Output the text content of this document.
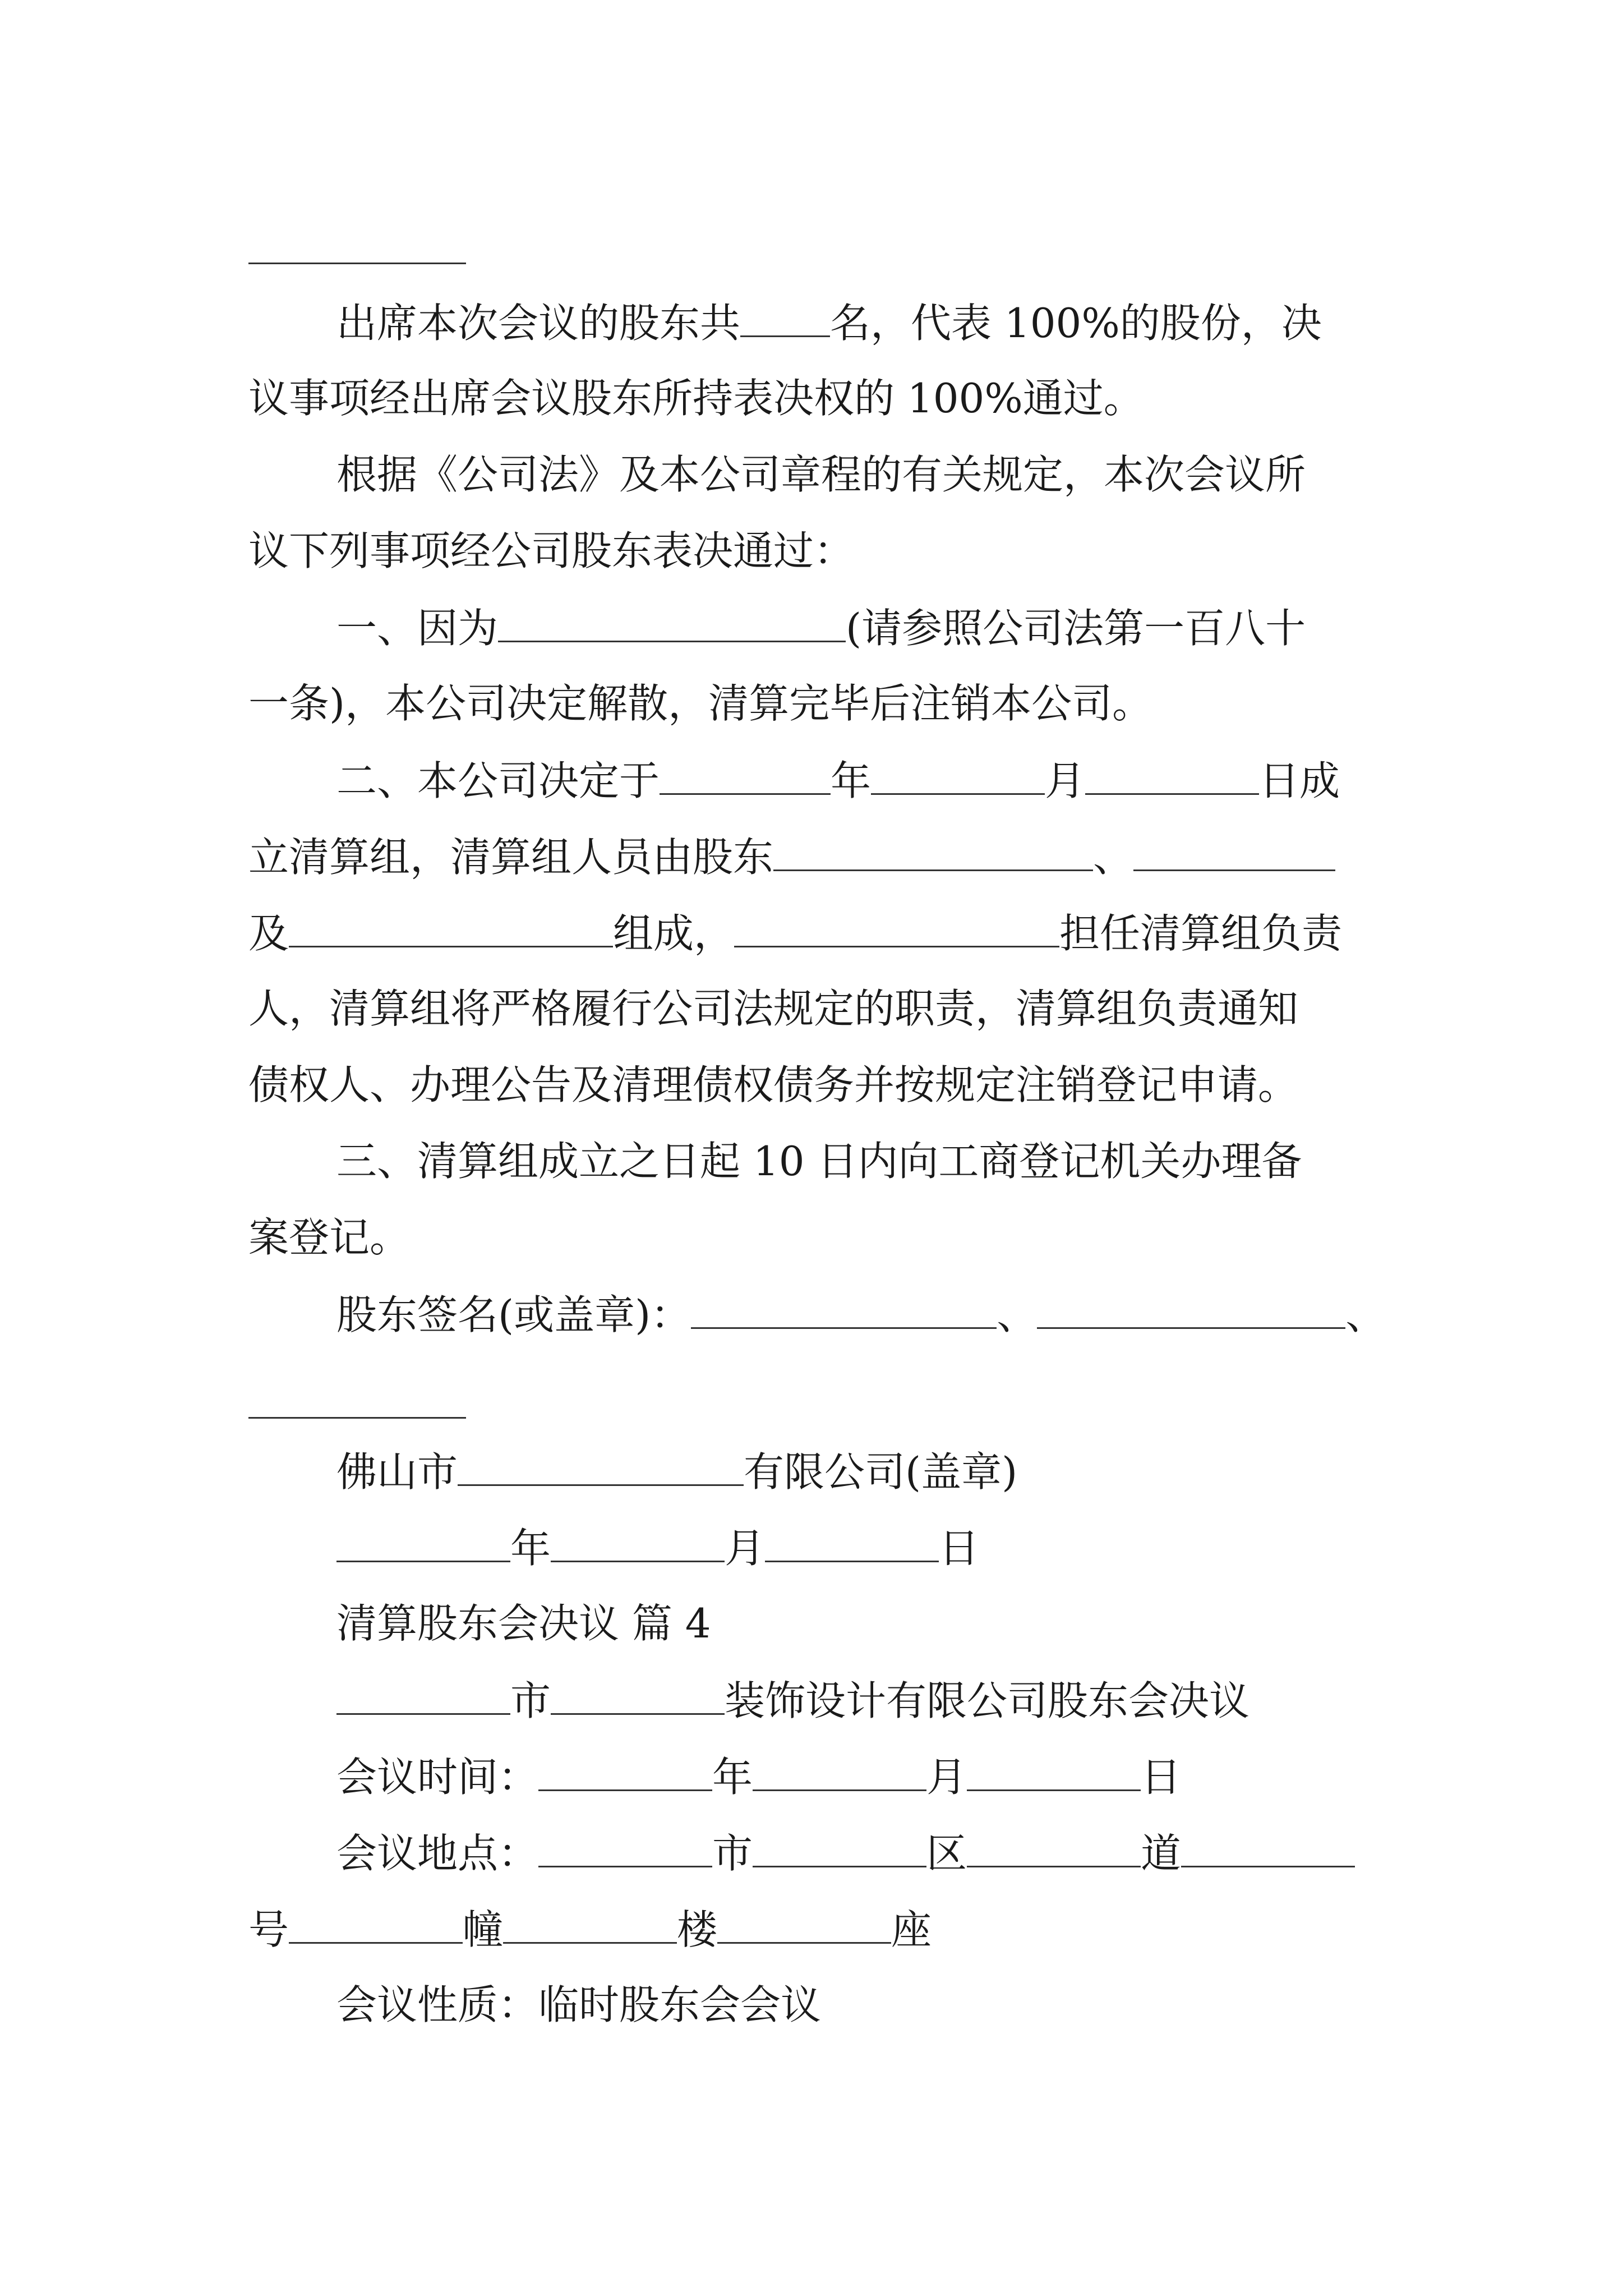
出席本次会议的股东共 名，代表 100%的股份，决
议事项经出席会议股东所持表决权的 100%通过。
根据《公司法》及本公司章程的有关规定，本次会议所
议下列事项经公司股东表决通过：
一、因为	(请参照公司法第一百八十
一条)，本公司决定解散，清算完毕后注销本公司。
二、本公司决定于	年	月	日成
立清算组，清算组人员由股东	、
及	组成，	担任清算组负责
人，清算组将严格履行公司法规定的职责，清算组负责通知
债权人、办理公告及清理债权债务并按规定注销登记申请。
三、清算组成立之日起 10 日内向工商登记机关办理备
案登记。
股东签名(或盖章)：	、	、
佛山市	有限公司(盖章)
年	月	日
清算股东会决议 篇 4
市	装饰设计有限公司股东会决议
会议时间：	年	月	日
会议地点：	市	区	道
号	幢	楼	座
会议性质：临时股东会会议
